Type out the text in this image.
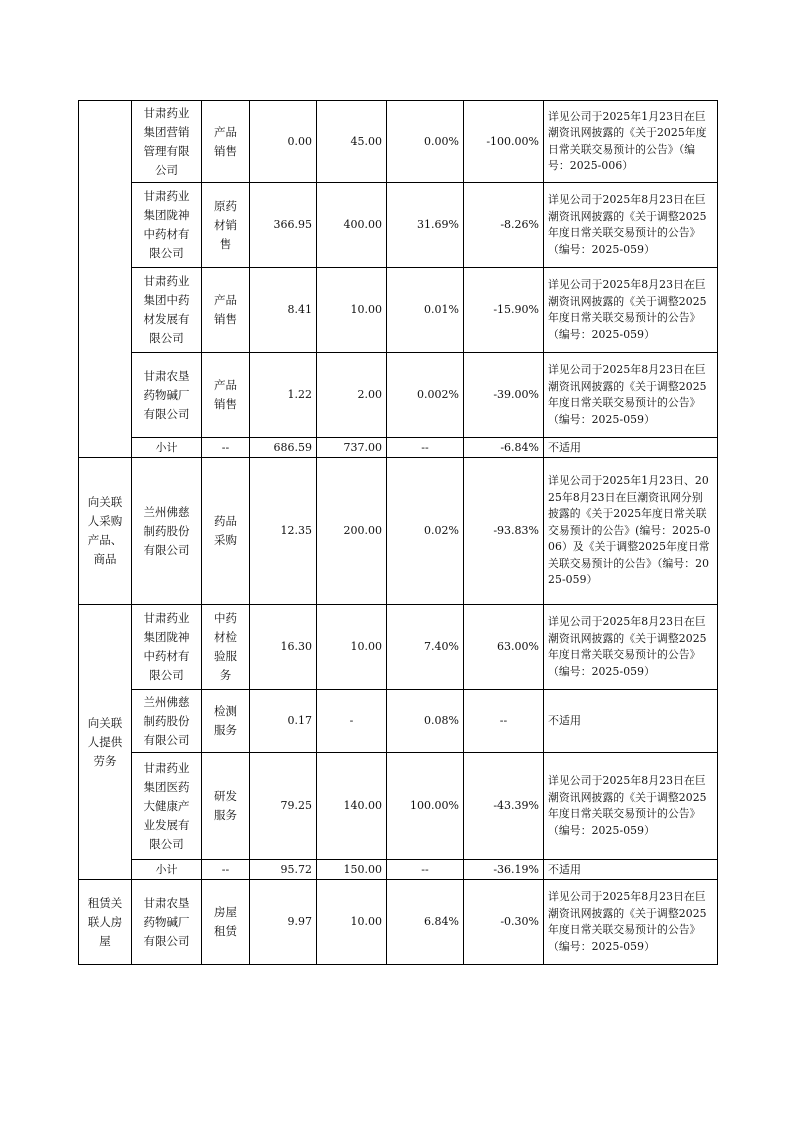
	甘肃药业
集团营销
管理有限
公司	产品
销售	0.00	45.00	0.00%	-100.00%	详见公司于2025年1月23日在巨潮资讯网披露的《关于2025年度日常关联交易预计的公告》（编号：2025-006）
	甘肃药业
集团陇神
中药材有
限公司	原药
材销
售	366.95	400.00	31.69%	-8.26%	详见公司于2025年8月23日在巨潮资讯网披露的《关于调整2025年度日常关联交易预计的公告》（编号：2025-059）
	甘肃药业
集团中药
材发展有
限公司	产品
销售	8.41	10.00	0.01%	-15.90%	详见公司于2025年8月23日在巨潮资讯网披露的《关于调整2025年度日常关联交易预计的公告》（编号：2025-059）
	甘肃农垦
药物碱厂
有限公司	产品
销售	1.22	2.00	0.002%	-39.00%	详见公司于2025年8月23日在巨潮资讯网披露的《关于调整2025年度日常关联交易预计的公告》（编号：2025-059）
	小计	--	686.59	737.00	--	-6.84%	不适用
向关联
人采购
产品、
商品	兰州佛慈
制药股份
有限公司	药品
采购	12.35	200.00	0.02%	-93.83%	详见公司于2025年1月23日、2025年8月23日在巨潮资讯网分别披露的《关于2025年度日常关联交易预计的公告》(编号：2025-006）及《关于调整2025年度日常关联交易预计的公告》（编号：2025-059）
向关联
人提供
劳务	甘肃药业
集团陇神
中药材有
限公司	中药
材检
验服
务	16.30	10.00	7.40%	63.00%	详见公司于2025年8月23日在巨潮资讯网披露的《关于调整2025年度日常关联交易预计的公告》（编号：2025-059）
	兰州佛慈
制药股份
有限公司	检测
服务	0.17	-	0.08%	--	不适用
	甘肃药业
集团医药
大健康产
业发展有
限公司	研发
服务	79.25	140.00	100.00%	-43.39%	详见公司于2025年8月23日在巨潮资讯网披露的《关于调整2025年度日常关联交易预计的公告》（编号：2025-059）
	小计	--	95.72	150.00	--	-36.19%	不适用
租赁关
联人房
屋	甘肃农垦
药物碱厂
有限公司	房屋
租赁	9.97	10.00	6.84%	-0.30%	详见公司于2025年8月23日在巨潮资讯网披露的《关于调整2025年度日常关联交易预计的公告》（编号：2025-059）
